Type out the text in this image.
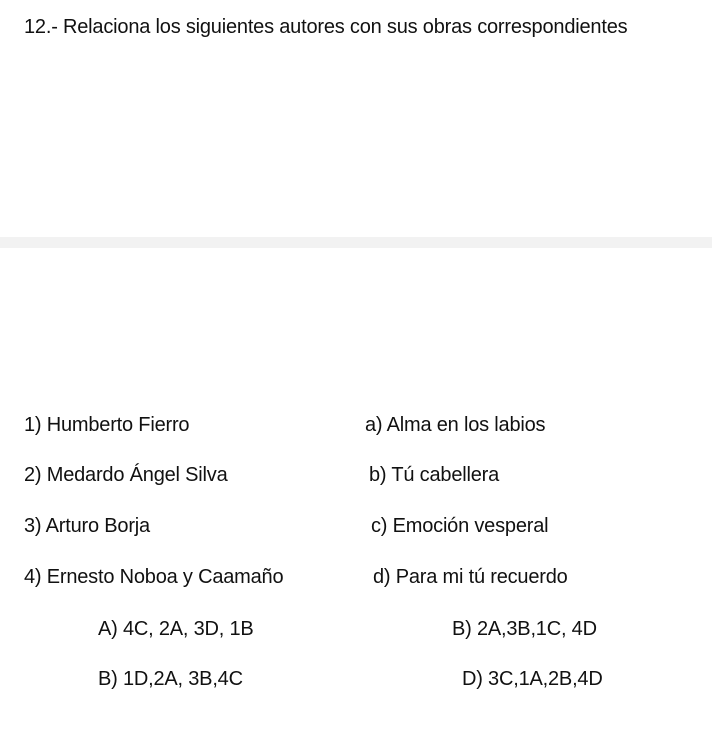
12.- Relaciona los siguientes autores con sus obras correspondientes
1) Humberto Fierro
2) Medardo Ángel Silva
3) Arturo Borja
4) Ernesto Noboa y Caamaño
a) Alma en los labios
b) Tú cabellera
c) Emoción vesperal
d) Para mi tú recuerdo
A) 4C, 2A, 3D, 1B	B) 2A,3B,1C, 4D
B) 1D,2A, 3B,4C	D) 3C,1A,2B,4D
